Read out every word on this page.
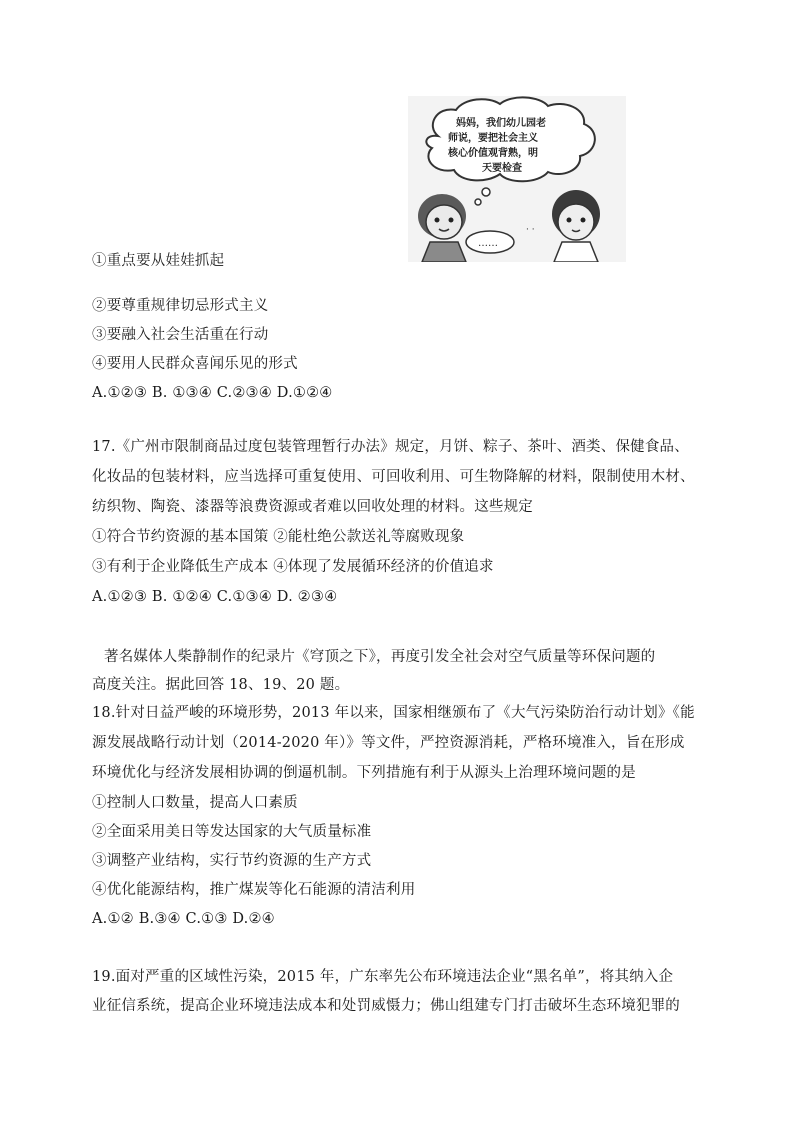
妈妈，我们幼儿园老
师说，要把社会主义
核心价值观背熟，明
天要检查
……
· ·
①重点要从娃娃抓起
②要尊重规律切忌形式主义
③要融入社会生活重在行动
④要用人民群众喜闻乐见的形式
A.①②③ B. ①③④ C.②③④ D.①②④
17.《广州市限制商品过度包装管理暂行办法》规定，月饼、粽子、茶叶、酒类、保健食品、
化妆品的包装材料，应当选择可重复使用、可回收利用、可生物降解的材料，限制使用木材、
纺织物、陶瓷、漆器等浪费资源或者难以回收处理的材料。这些规定
①符合节约资源的基本国策 ②能杜绝公款送礼等腐败现象
③有利于企业降低生产成本 ④体现了发展循环经济的价值追求
A.①②③ B. ①②④ C.①③④ D. ②③④
著名媒体人柴静制作的纪录片《穹顶之下》，再度引发全社会对空气质量等环保问题的
高度关注。据此回答 18、19、20 题。
18.针对日益严峻的环境形势，2013 年以来，国家相继颁布了《大气污染防治行动计划》《能
源发展战略行动计划（2014-2020 年）》等文件，严控资源消耗，严格环境准入，旨在形成
环境优化与经济发展相协调的倒逼机制。下列措施有利于从源头上治理环境问题的是
①控制人口数量，提高人口素质
②全面采用美日等发达国家的大气质量标准
③调整产业结构，实行节约资源的生产方式
④优化能源结构，推广煤炭等化石能源的清洁利用
A.①② B.③④ C.①③ D.②④
19.面对严重的区域性污染，2015 年，广东率先公布环境违法企业“黑名单”，将其纳入企
业征信系统，提高企业环境违法成本和处罚威慑力；佛山组建专门打击破坏生态环境犯罪的
